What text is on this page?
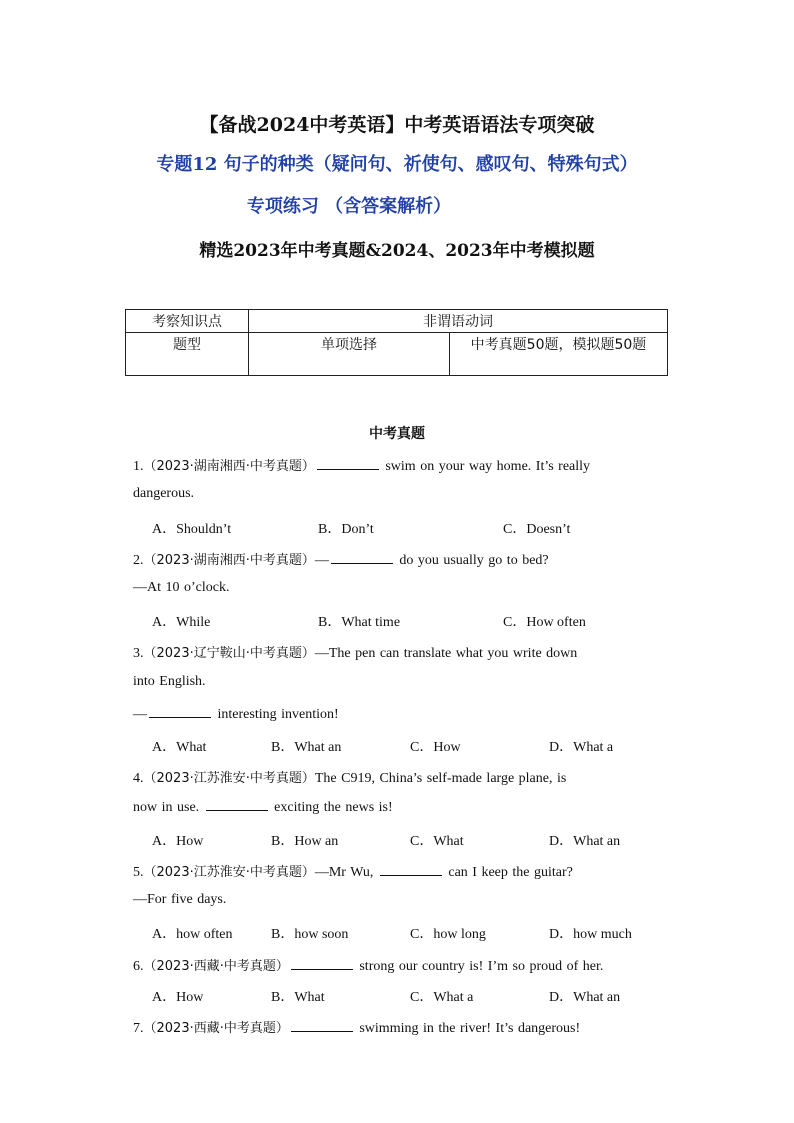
【备战2024中考英语】中考英语语法专项突破
专题12 句子的种类（疑问句、祈使句、感叹句、特殊句式）
专项练习 （含答案解析）
精选2023年中考真题&2024、2023年中考模拟题
考察知识点	非谓语动词	
题型	单项选择	中考真题50题，模拟题50题
中考真题
1.（2023·湖南湘西·中考真题）	swim on your way home. It’s really
dangerous.
A．Shouldn’t	B．Don’t	C．Doesn’t
2.（2023·湖南湘西·中考真题）—	do you usually go to bed?
—At 10 o’clock.
A．While	B．What time	C．How often
3.（2023·辽宁鞍山·中考真题）—The pen can translate what you write down
into English.
—	interesting invention!
A．What	B．What an	C．How	D．What a
4.（2023·江苏淮安·中考真题）The C919, China’s self-made large plane, is
now in use.	exciting the news is!
A．How	B．How an	C．What	D．What an
5.（2023·江苏淮安·中考真题）—Mr Wu,	can I keep the guitar?
—For five days.
A．how often	B．how soon	C．how long	D．how much
6.（2023·西藏·中考真题）	strong our country is! I’m so proud of her.
A．How	B．What	C．What a	D．What an
7.（2023·西藏·中考真题）	swimming in the river! It’s dangerous!
